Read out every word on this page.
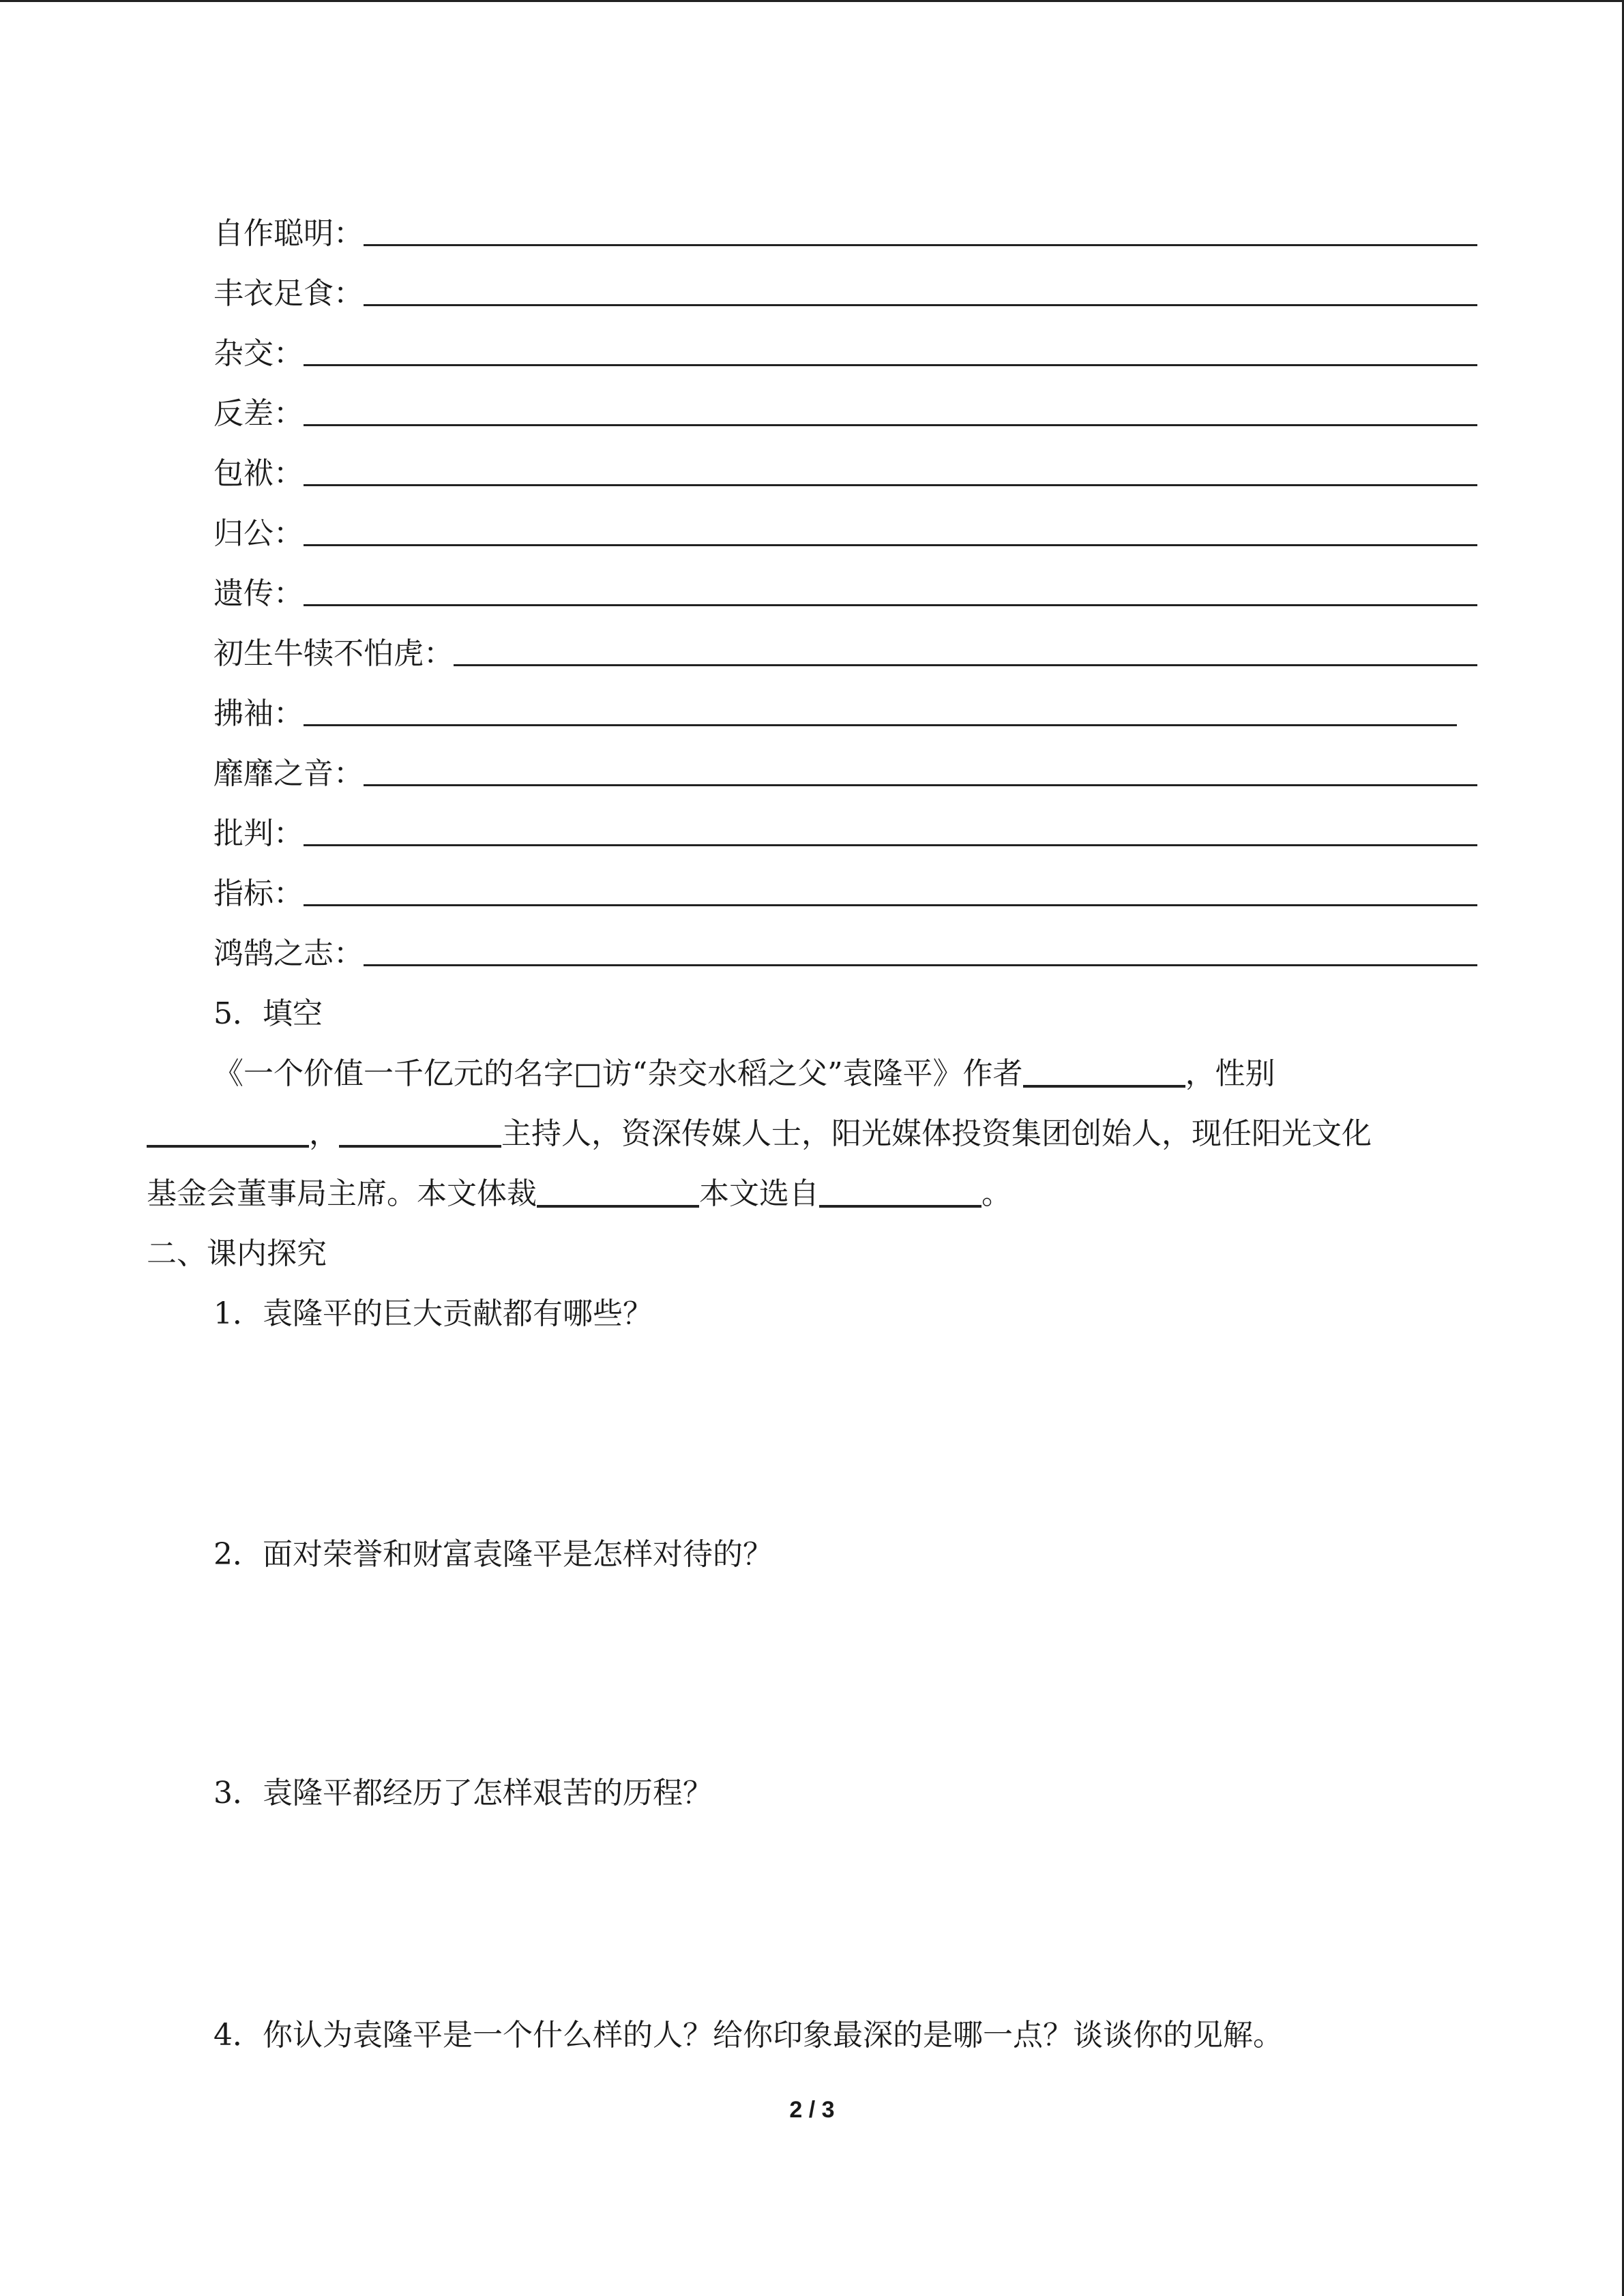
自作聪明：
丰衣足食：
杂交：
反差：
包袱：
归公：
遗传：
初生牛犊不怕虎：
拂袖：
靡靡之音：
批判：
指标：
鸿鹄之志：
5．填空
《一个价值一千亿元的名字□访“杂交水稻之父”袁隆平》作者	，性别
，	主持人，资深传媒人士，阳光媒体投资集团创始人，现任阳光文化
基金会董事局主席。本文体裁	本文选自	。
二、课内探究
1．袁隆平的巨大贡献都有哪些？
2．面对荣誉和财富袁隆平是怎样对待的？
3．袁隆平都经历了怎样艰苦的历程？
4．你认为袁隆平是一个什么样的人？给你印象最深的是哪一点？谈谈你的见解。
2 / 3
